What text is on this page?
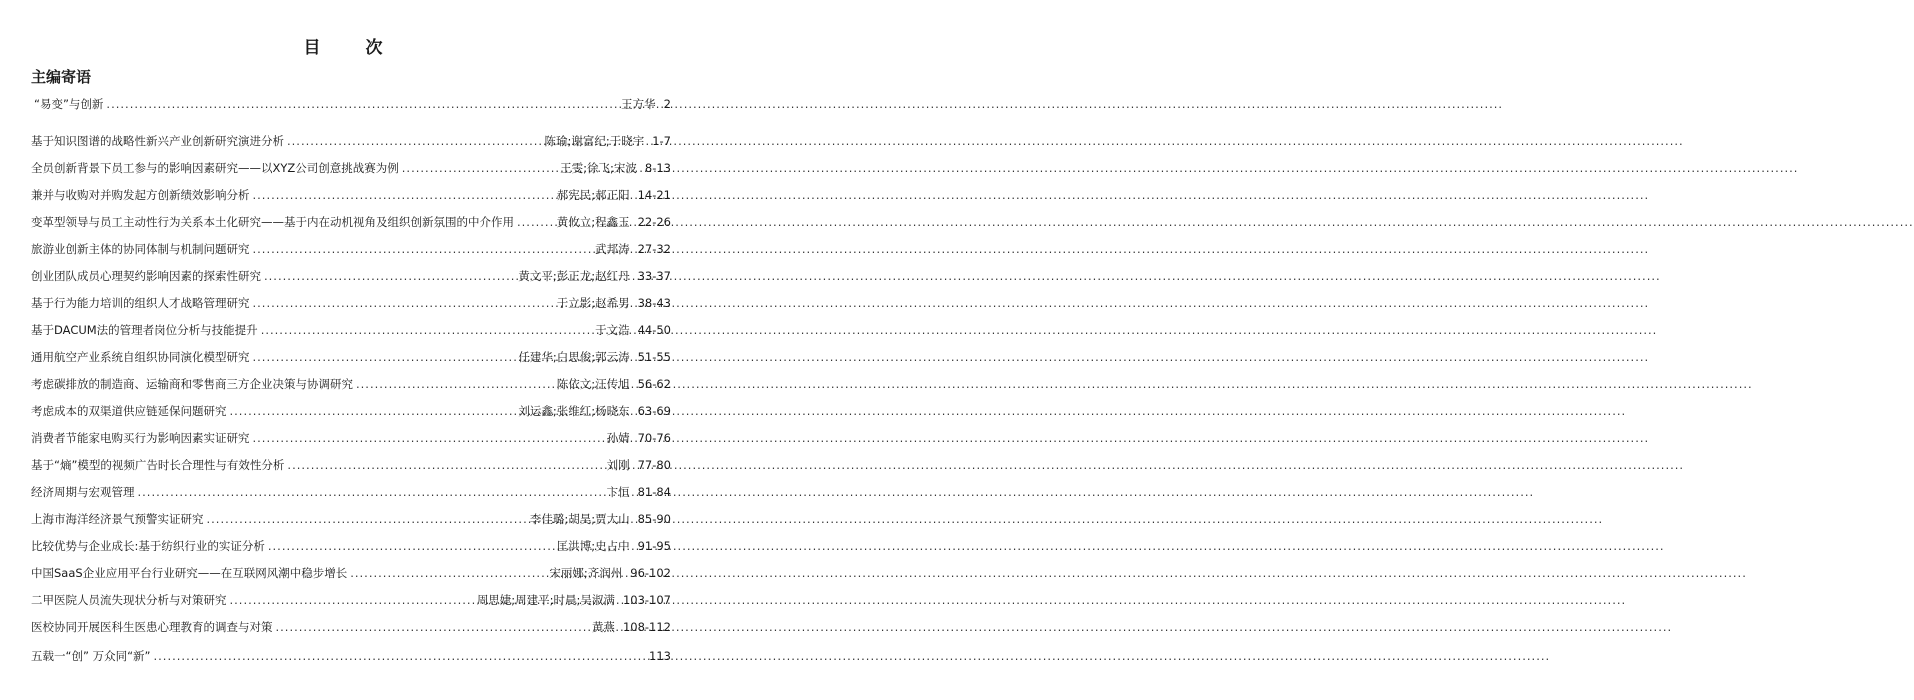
目　次
主编寄语
“易变”与创新 .....	王方华 2
基于知识图谱的战略性新兴产业创新研究演进分析 .....	陈瑜;谢富纪;于晓宇 1-7
全员创新背景下员工参与的影响因素研究——以XYZ公司创意挑战赛为例 .....	王雯;徐飞;宋波 8-13
兼并与收购对并购发起方创新绩效影响分析 .....	郝宪民;郝正阳 14-21
变革型领导与员工主动性行为关系本土化研究——基于内在动机视角及组织创新氛围的中介作用 .....	黄攸立;程鑫玉 22-26
旅游业创新主体的协同体制与机制问题研究 .....	武邦涛 27-32
创业团队成员心理契约影响因素的探索性研究 .....	黄文平;彭正龙;赵红丹 33-37
基于行为能力培训的组织人才战略管理研究 .....	于立影;赵希男 38-43
基于DACUM法的管理者岗位分析与技能提升 .....	于文浩 44-50
通用航空产业系统自组织协同演化模型研究 .....	任建华;白思俊;郭云涛 51-55
考虑碳排放的制造商、运输商和零售商三方企业决策与协调研究 .....	陈依文;汪传旭 56-62
考虑成本的双渠道供应链延保问题研究 .....	刘运鑫;张维红;杨晓东 63-69
消费者节能家电购买行为影响因素实证研究 .....	孙婧 70-76
基于“熵”模型的视频广告时长合理性与有效性分析 .....	刘刚 77-80
经济周期与宏观管理 .....	卞恒 81-84
上海市海洋经济景气预警实证研究 .....	李佳璐;胡昊;贾大山 85-90
比较优势与企业成长:基于纺织行业的实证分析 .....	匡洪博;史占中 91-95
中国SaaS企业应用平台行业研究——在互联网风潮中稳步增长 .....	宋丽娜;齐润州 96-102
二甲医院人员流失现状分析与对策研究 .....	周思婕;周建平;时晨;吴淑满 103-107
医校协同开展医科生医患心理教育的调查与对策 .....	黄燕 108-112
五载一“创” 万众同“新” .....	113
